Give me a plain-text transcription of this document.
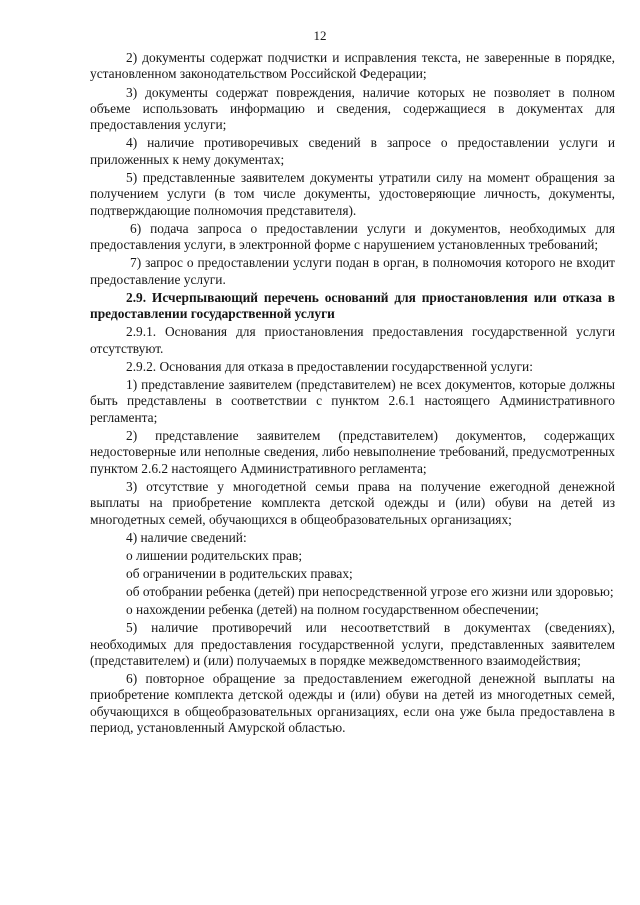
12

2) документы содержат подчистки и исправления текста, не заверенные в порядке, установленном законодательством Российской Федерации;

3) документы содержат повреждения, наличие которых не позволяет в полном объеме использовать информацию и сведения, содержащиеся в документах для предоставления услуги;

4) наличие противоречивых сведений в запросе о предоставлении услуги и приложенных к нему документах;

5) представленные заявителем документы утратили силу на момент обращения за получением услуги (в том числе документы, удостоверяющие личность, документы, подтверждающие полномочия представителя).

6) подача запроса о предоставлении услуги и документов, необходимых для предоставления услуги, в электронной форме с нарушением установленных требований;

7) запрос о предоставлении услуги подан в орган, в полномочия которого не входит предоставление услуги.

2.9. Исчерпывающий перечень оснований для приостановления или отказа в предоставлении государственной услуги

2.9.1. Основания для приостановления предоставления государственной услуги отсутствуют.

2.9.2. Основания для отказа в предоставлении государственной услуги:

1) представление заявителем (представителем) не всех документов, которые должны быть представлены в соответствии с пунктом 2.6.1 настоящего Административного регламента;

2) представление заявителем (представителем) документов, содержащих недостоверные или неполные сведения, либо невыполнение требований, предусмотренных пунктом 2.6.2 настоящего Административного регламента;

3) отсутствие у многодетной семьи права на получение ежегодной денежной выплаты на приобретение комплекта детской одежды и (или) обуви на детей из многодетных семей, обучающихся в общеобразовательных организациях;

4) наличие сведений:

о лишении родительских прав;

об ограничении в родительских правах;

об отобрании ребенка (детей) при непосредственной угрозе его жизни или здоровью;

о нахождении ребенка (детей) на полном государственном обеспечении;

5) наличие противоречий или несоответствий в документах (сведениях), необходимых для предоставления государственной услуги, представленных заявителем (представителем) и (или) получаемых в порядке межведомственного взаимодействия;

6) повторное обращение за предоставлением ежегодной денежной выплаты на приобретение комплекта детской одежды и (или) обуви на детей из многодетных семей, обучающихся в общеобразовательных организациях, если она уже была предоставлена в период, установленный Амурской областью.
